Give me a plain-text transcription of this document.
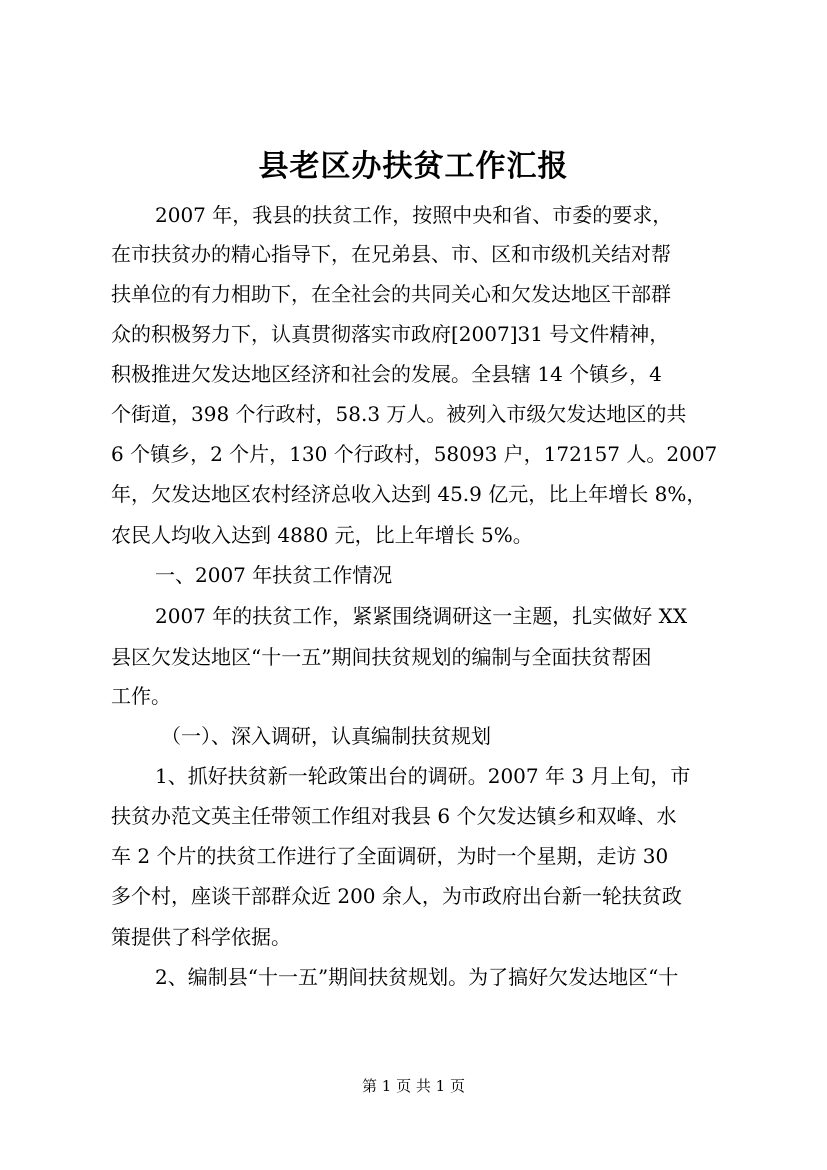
县老区办扶贫工作汇报
2007 年，我县的扶贫工作，按照中央和省、市委的要求，
在市扶贫办的精心指导下，在兄弟县、市、区和市级机关结对帮
扶单位的有力相助下，在全社会的共同关心和欠发达地区干部群
众的积极努力下，认真贯彻落实市政府[2007]31 号文件精神，
积极推进欠发达地区经济和社会的发展。全县辖 14 个镇乡，4
个街道，398 个行政村，58.3 万人。被列入市级欠发达地区的共
6 个镇乡，2 个片，130 个行政村，58093 户，172157 人。2007
年，欠发达地区农村经济总收入达到 45.9 亿元，比上年增长 8%，
农民人均收入达到 4880 元，比上年增长 5%。
一、2007 年扶贫工作情况
2007 年的扶贫工作，紧紧围绕调研这一主题，扎实做好 XX
县区欠发达地区“十一五”期间扶贫规划的编制与全面扶贫帮困
工作。
（一）、深入调研，认真编制扶贫规划
1、抓好扶贫新一轮政策出台的调研。2007 年 3 月上旬，市
扶贫办范文英主任带领工作组对我县 6 个欠发达镇乡和双峰、水
车 2 个片的扶贫工作进行了全面调研，为时一个星期，走访 30
多个村，座谈干部群众近 200 余人，为市政府出台新一轮扶贫政
策提供了科学依据。
2、编制县“十一五”期间扶贫规划。为了搞好欠发达地区“十
第 1 页 共 1 页
